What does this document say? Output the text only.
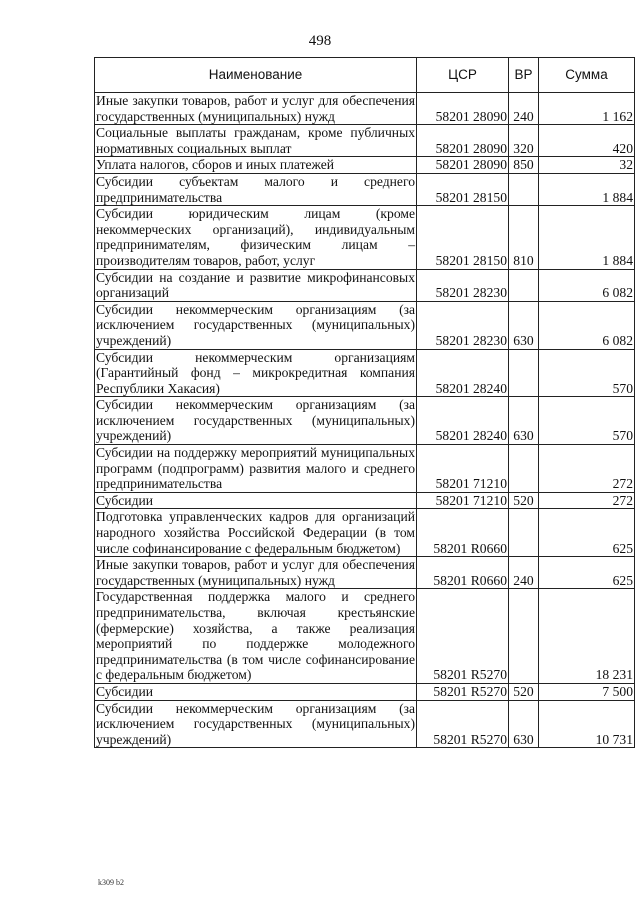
498
Наименование	ЦСР	ВР	Сумма
Иные закупки товаров, работ и услуг для обеспечения государственных (муниципальных) нужд	58201 28090	240	1 162
Социальные выплаты гражданам, кроме публичных нормативных социальных выплат	58201 28090	320	420
Уплата налогов, сборов и иных платежей	58201 28090	850	32
Субсидии субъектам малого и среднего предпринимательства	58201 28150		1 884
Субсидии юридическим лицам (кроме некоммерческих организаций), индивидуальным предпринимателям, физическим лицам – производителям товаров, работ, услуг	58201 28150	810	1 884
Субсидии на создание и развитие микрофинансовых организаций	58201 28230		6 082
Субсидии некоммерческим организациям (за исключением государственных (муниципальных) учреждений)	58201 28230	630	6 082
Субсидии некоммерческим организациям (Гарантийный фонд – микрокредитная компания Республики Хакасия)	58201 28240		570
Субсидии некоммерческим организациям (за исключением государственных (муниципальных) учреждений)	58201 28240	630	570
Субсидии на поддержку мероприятий муниципальных программ (подпрограмм) развития малого и среднего предпринимательства	58201 71210		272
Субсидии	58201 71210	520	272
Подготовка управленческих кадров для организаций народного хозяйства Российской Федерации (в том числе софинансирование с федеральным бюджетом)	58201 R0660		625
Иные закупки товаров, работ и услуг для обеспечения государственных (муниципальных) нужд	58201 R0660	240	625
Государственная поддержка малого и среднего предпринимательства, включая крестьянские (фермерские) хозяйства, а также реализация мероприятий по поддержке молодежного предпринимательства (в том числе софинансирование с федеральным бюджетом)	58201 R5270		18 231
Субсидии	58201 R5270	520	7 500
Субсидии некоммерческим организациям (за исключением государственных (муниципальных) учреждений)	58201 R5270	630	10 731
k309 b2
